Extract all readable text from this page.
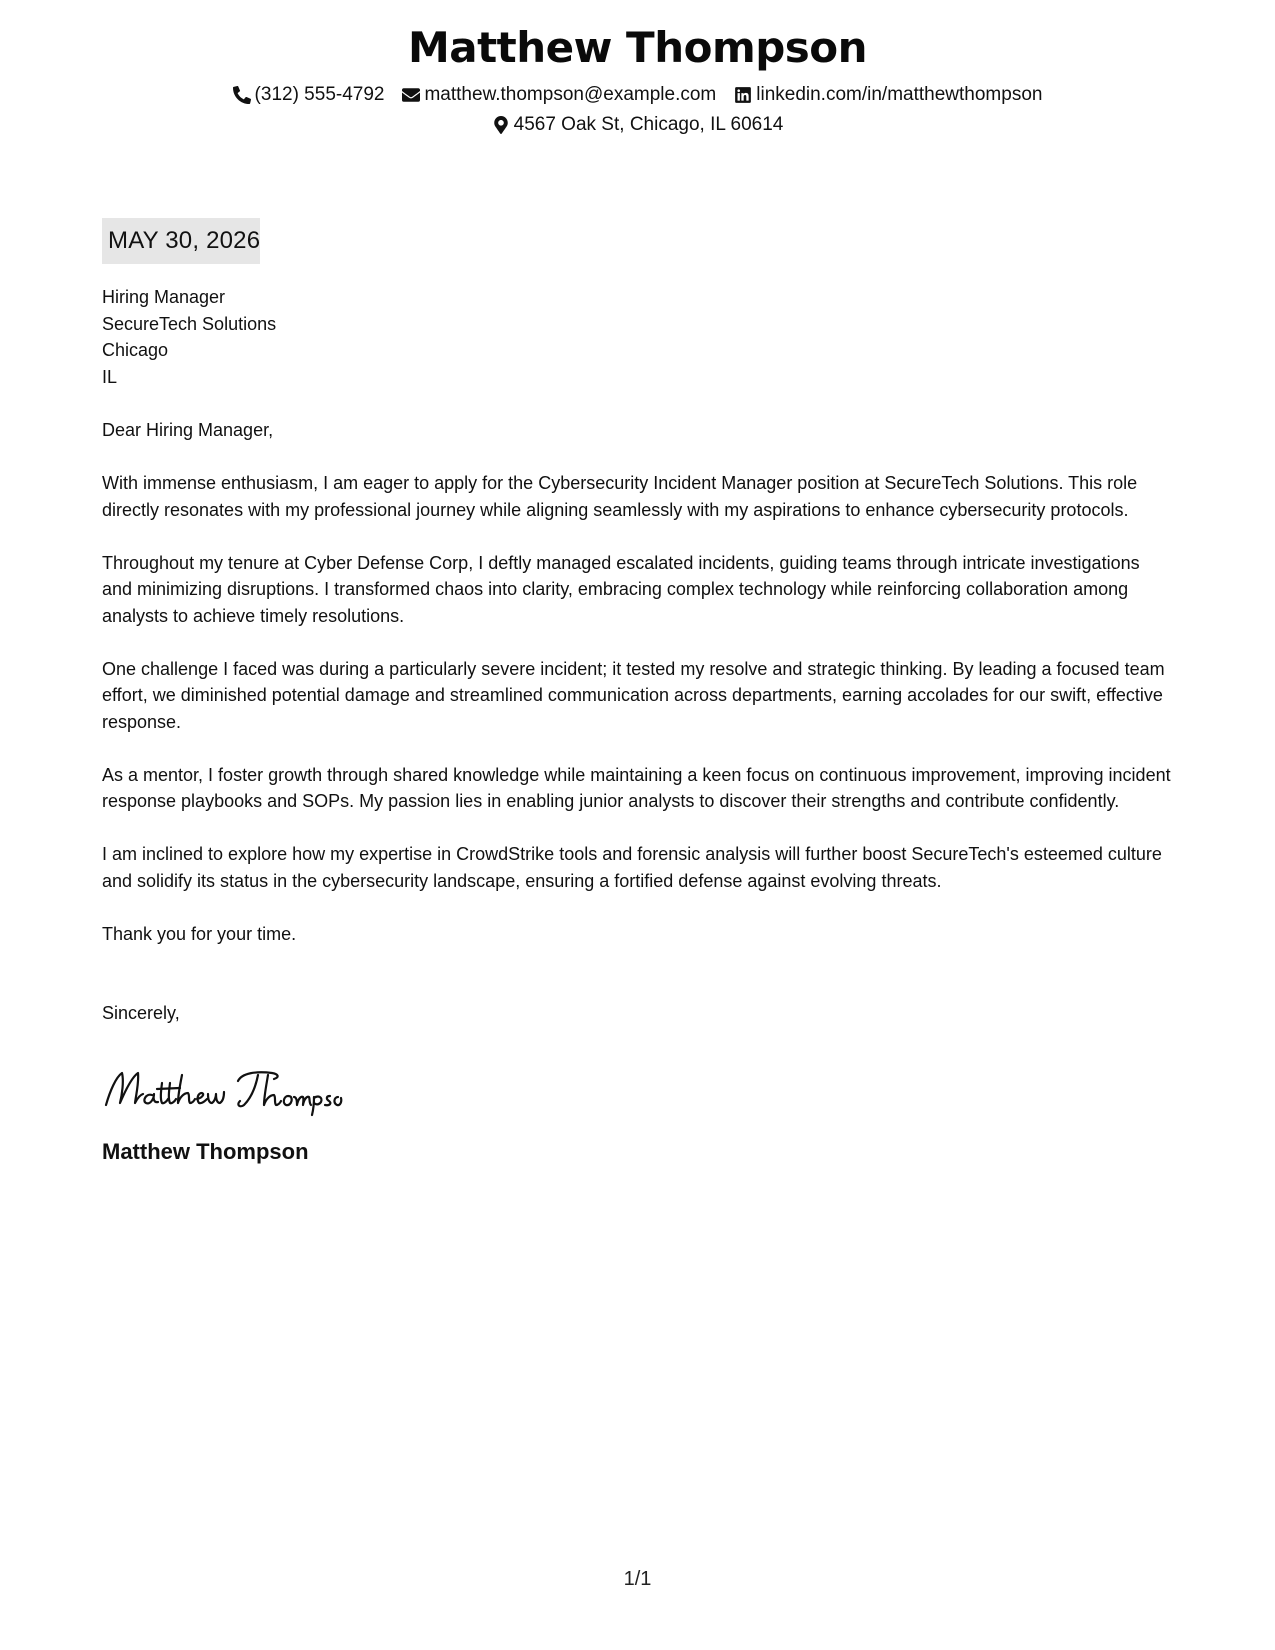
Matthew Thompson
(312) 555-4792 matthew.thompson@example.com linkedin.com/in/matthewthompson
4567 Oak St, Chicago, IL 60614
MAY 30, 2026
Hiring Manager
SecureTech Solutions
Chicago
IL
Dear Hiring Manager,
With immense enthusiasm, I am eager to apply for the Cybersecurity Incident Manager position at SecureTech Solutions. This role directly resonates with my professional journey while aligning seamlessly with my aspirations to enhance cybersecurity protocols.
Throughout my tenure at Cyber Defense Corp, I deftly managed escalated incidents, guiding teams through intricate investigations and minimizing disruptions. I transformed chaos into clarity, embracing complex technology while reinforcing collaboration among analysts to achieve timely resolutions.
One challenge I faced was during a particularly severe incident; it tested my resolve and strategic thinking. By leading a focused team effort, we diminished potential damage and streamlined communication across departments, earning accolades for our swift, effective response.
As a mentor, I foster growth through shared knowledge while maintaining a keen focus on continuous improvement, improving incident response playbooks and SOPs. My passion lies in enabling junior analysts to discover their strengths and contribute confidently.
I am inclined to explore how my expertise in CrowdStrike tools and forensic analysis will further boost SecureTech's esteemed culture and solidify its status in the cybersecurity landscape, ensuring a fortified defense against evolving threats.
Thank you for your time.
Sincerely,
Matthew Thompson
1/1
